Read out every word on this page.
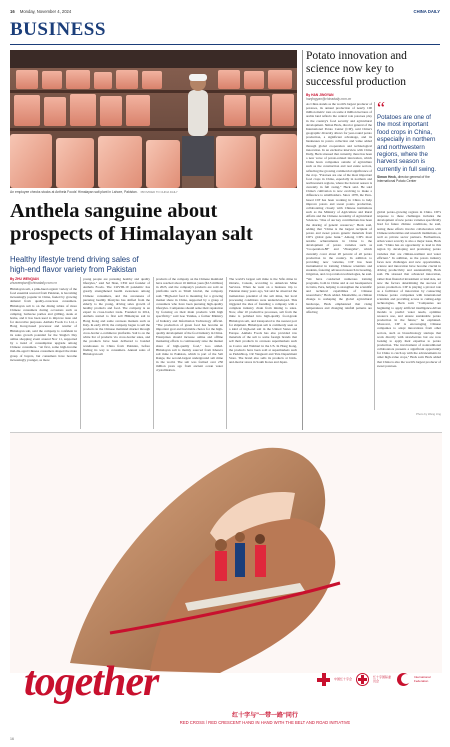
16 Monday, November 4, 2024	CHINA DAILY
BUSINESS
An employee checks stocks at Anthela Foods' Himalayan salt plant in Lahore, Pakistan. PROVIDED TO CHINA DAILY
Anthela sanguine about
prospects of Himalayan salt
Healthy lifestyle trend driving sales of
high-end flavor variety from Pakistan
By ZHU WENQIAN
zhuwenqian@chinadaily.com.cn
Himalayan salt, a pink-hued organic variety of the food essential sourced from Pakistan, is becoming increasingly popular in China, fueled by growing demand from quality-conscious consumers. Himalayan salt is on the dining tables of more Chinese consumers during occasions such as camping, barbecue parties and grilling, steak at home, and it has been used to improve taste and for decorative purposes. Anthela Foods Co Ltd, a Hong Kong-based processor and retailer of Himalayan salt, said the company is confident in its sales growth potential for the Single's Day online shopping event around Nov 11, supported by a trend of consumption upgrade among Chinese consumers. "At first, some high-income mid-dle-aged Chinese consumers shaped the main group of buyers, but consumers have become increasingly younger, as more
young people are pursuing healthy and quality lifestyles," said Sal Shan, CEO and founder of Anthela Foods. The COVID-19 pandemic has greatly strengthened health awareness among Chinese consumers, and the awareness of pursuing healthy lifestyles has shifted from the elderly to the young, driving sales growth of healthy products and food. The company is an expert in cross-border trade. Founded in 2014, Anthela started to first sell Himalayan salt in Hong Kong and some overseas markets such as Italy. In early 2019, the company began to sell the products in the Chinese mainland market through cross-border e-commerce platforms. Salt is on the white list of products via cross-border sales, and the products have been delivered to bonded warehouses in China from Pakistan, before finding its way to consumers. Annual sales of Himalayan salt
products of the company on the Chinese mainland have reached about 16 million yuan ($2.3 million) in 2023, and the company's products are sold on platforms such as Tmall Global, the company said. "High-end food is mounting for a growing market share in China, supported by a group of consumers who have been pursuing high-quality lifestyles. Companies should seize their reputation by focusing on their main products with high specificity," said Gao Yanhua, a former Ministry of Industry and Information Technology official. "The production of green food has become an important goal and inevitable choice for the high-quality development of the food industry in China. Enterprises should increase online and offline marketing efforts to continuously raise the market share of high-quality food," Gao added. Himalayan salt is mainly sourced from Khewra salt mine in Pakistan, which is part of the Salt Range, the second-largest underground salt mine in the world. The salt was formed over 250 million years ago from ancient ocean water crystallization.
The world's largest salt mine is the Sifto mine in Ontario, Canada, according to American Mine Services. When he went on a business trip to Pakistan many years ago, Sal said he observed the tremendous potential of the salt mine, but local processing conditions were underdeveloped. This triggered the idea of founding a company with a complete industry chain from mining to sales. Now, after 10 productive processes, salt from the mine is polished into high-quality food-grade Himalayan salt, and transported to the nearest port for shipment. Himalayan salt is commonly seen as a kind of high-end salt in the United States and Europe. Anthela Foods has also provided raw materials of the salt to some foreign brands that sell their products in overseas supermarkets such as Costco and Walmart in the US. In Hong Kong, the products have been sold at supermarkets such as ParknShop, CR Vanguard and Yata Department Store. The brand also sells its products at brick-and-mortar stores in South Korea and Japan.
Potato innovation and
science now key to
successful production
By HAN JINGYAN
hanjingyan@chinadaily.com.cn
As China stands as the world's largest producer of potatoes, its annual production of nearly 100 million metric tons on some 4 million hectares of arable land reflects the central role potatoes play in the country's food security and agricultural development. Simon Heck, director general of the International Potato Center (CIP), said China's geographic diversity allows for year-round potato production, a significant advantage, and its businesses in potato collection and value added through global cooperation and technological innovation. In an exclusive interview with China Daily, Heck stressed that currently, there has been a new wave of potato-related innovation, which China hosts companies outside of agriculture such as the construction and real estate sectors, reflecting the growing commercial significance of the crop. "Potatoes are one of the most important food crops in China, especially in northern and northwestern regions, where the harvest season is currently in full swing," Heck said. He said China's cultivation is now evolving to make a difference to smallholders. Since 1978, the Peru-based CIP has been working in China to help improve potato and sweet potato production, collaborating closely with Chinese institutions such as the Ministry of Agriculture and Rural Affairs and the Chinese Academy of Agricultural Sciences. "One of our key contributions has been the sharing of genetic resources," Heck said, adding that "China is the largest recipient of potato and sweet potato genetic materials from CIP's global gene bank." Among CIP's most notable achievements in China is the development of potato varieties such as "Cooperation-88" and "Zhongshu", which currently cover about 20 percent of all potato production in the country. In addition to providing new varieties, CIP has been instrumental in training Chinese scientists and students, fostering advanced research in breeding, irrigation, and crop rotation technologies, he said. "We have conducted numerous training programs, both in China and at our headquarters in Lima, Peru, helping to strengthen the scientific and technical capabilities of Chinese researchers," Heck added. Meanwhile, as climate change is reshaping the global agricultural landscape, Heck emphasized that rising temperatures and changing rainfall patterns are affecting
“
Potatoes are one of the most important food crops in China, especially in northern and northwestern regions, where the harvest season is currently in full swing.
Simon Heck, director general of the International Potato Center
global potato-growing regions in China. CIP's response to these challenges includes the development of new potato varieties specifically bred for future climate conditions, he said, noting these efforts involve collaboration with Chinese universities and research institutions, as well as private sector partners. Furthermore, urban water scarcity is also a major issue, Heck said. "China has an opportunity to lead in this region by developing and promoting potato varieties that are climate-resilient and water efficient." In addition, as the potato industry faces new challenges and new opportunities, science and innovation have become crucial in driving productivity and sustainability, Heck said. He stressed that advanced innovation, rather than financial investment or land size, are now the factors determining the success of potato production. CIP is playing a pivotal role as a facilitator of innovation by connecting Chinese potato companies with international scientists and providing access to cutting-edge technologies, Heck said. "Companies are beginning to apply artificial intelligence-driven models to predict water needs, optimize resource use, and ensure sustainable potato production in the future," he explained. Moreover, CIP is encouraging Chinese companies to adopt innovations from other sectors, such as biotechnology startups that work directly with strawberries but are now looking to apply their expertise to potato production. The involvement of nontraditional collaborators presents a significant opportunity for China to catch up with the advancements in other high-value crops," Heck said. Heck added that China is also the world's largest producer of sweet potatoes.
Photo by Wang Jing
together
红十字与"一带一路"同行
RED CROSS / RED CRESCENT HAND IN HAND WITH THE BELT AND ROAD INITIATIVE
中国红十字会	红十字国际委员会
International Federation
16
